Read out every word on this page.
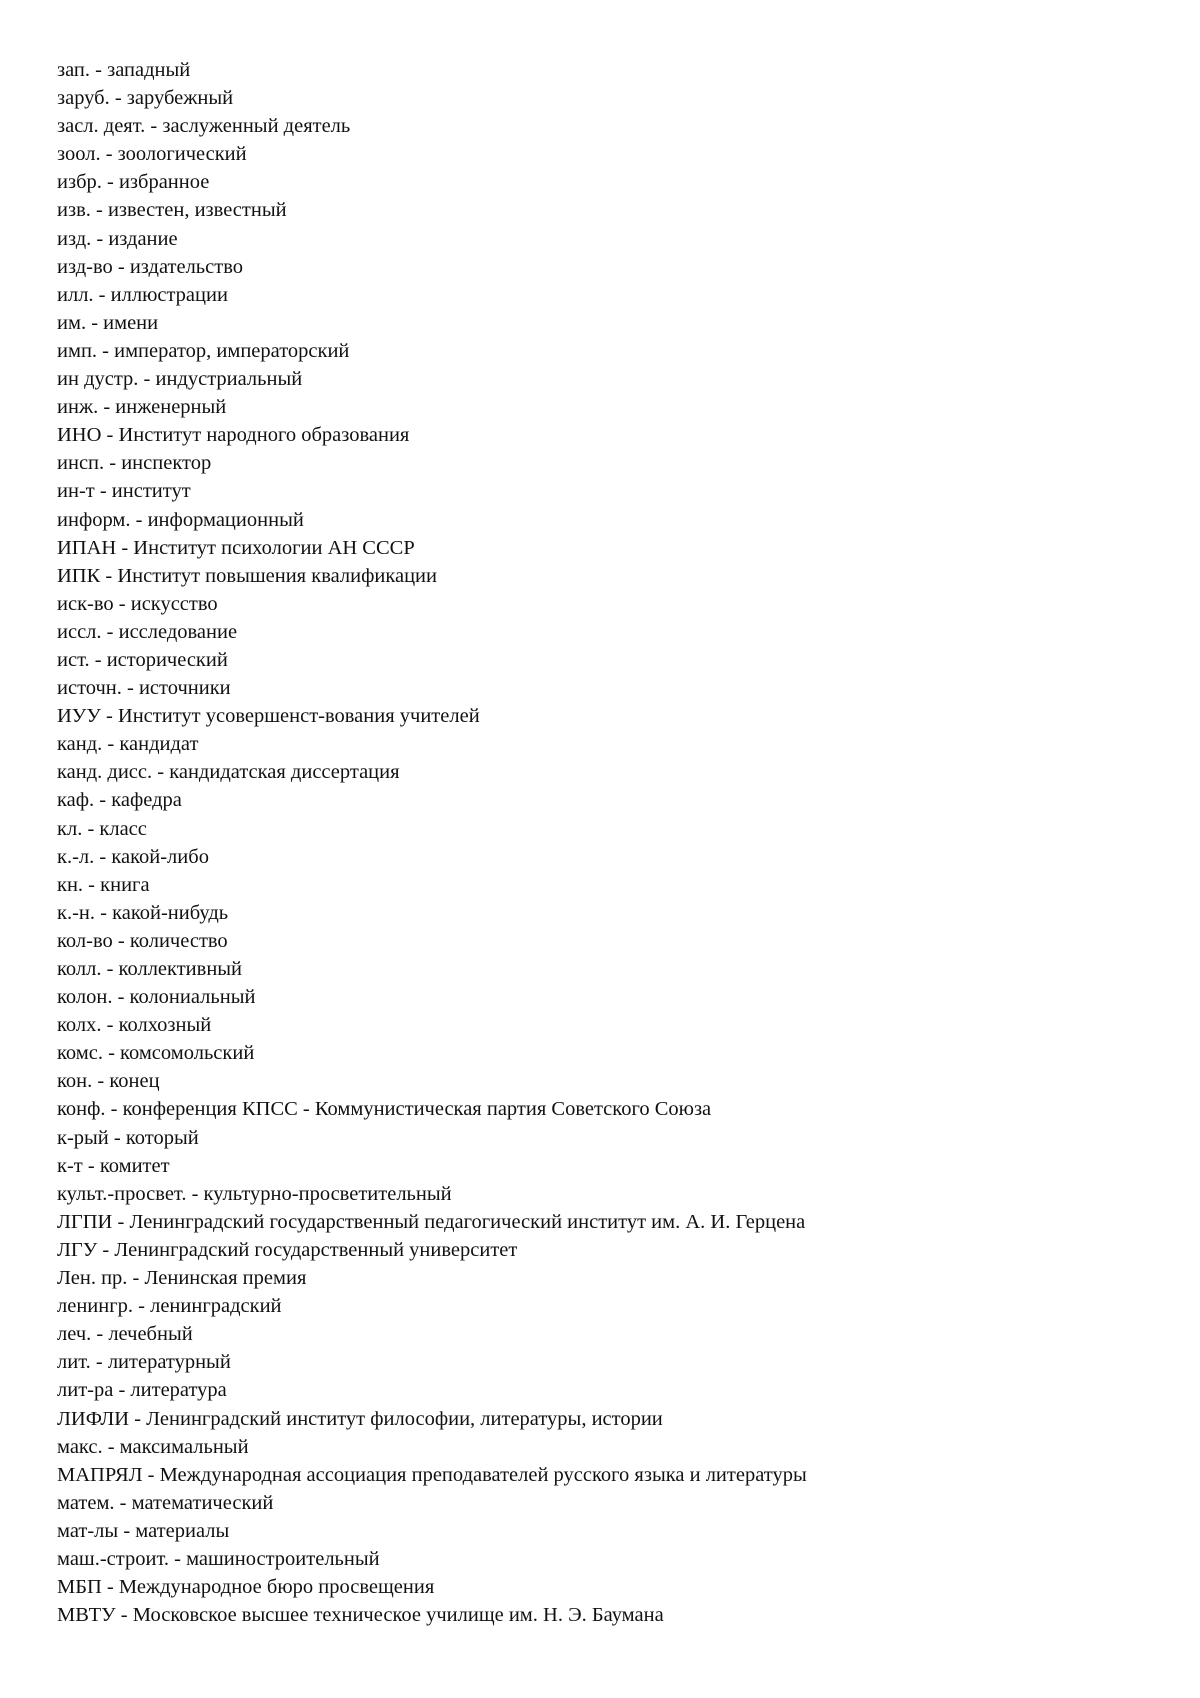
зап. - западный
заруб. - зарубежный
засл. деят. - заслуженный деятель
зоол. - зоологический
избр. - избранное
изв. - известен, известный
изд. - издание
изд-во - издательство
илл. - иллюстрации
им. - имени
имп. - император, императорский
ин дустр. - индустриальный
инж. - инженерный
ИНО - Институт народного образования
инсп. - инспектор
ин-т - институт
информ. - информационный
ИПАН - Институт психологии АН СССР
ИПК - Институт повышения квалификации
иск-во - искусство
иссл. - исследование
ист. - исторический
источн. - источники
ИУУ - Институт усовершенст-вования учителей
канд. - кандидат
канд. дисс. - кандидатская диссертация
каф. - кафедра
кл. - класс
к.-л. - какой-либо
кн. - книга
к.-н. - какой-нибудь
кол-во - количество
колл. - коллективный
колон. - колониальный
колх. - колхозный
комс. - комсомольский
кон. - конец
конф. - конференция КПСС - Коммунистическая партия Советского Союза
к-рый - который
к-т - комитет
культ.-просвет. - культурно-просветительный
ЛГПИ - Ленинградский государственный педагогический институт им. А. И. Герцена
ЛГУ - Ленинградский государственный университет
Лен. пр. - Ленинская премия
ленингр. - ленинградский
леч. - лечебный
лит. - литературный
лит-ра - литература
ЛИФЛИ - Ленинградский институт философии, литературы, истории
макс. - максимальный
МАПРЯЛ - Международная ассоциация преподавателей русского языка и литературы
матем. - математический
мат-лы - материалы
маш.-строит. - машиностроительный
МБП - Международное бюро просвещения
МВТУ - Московское высшее техническое училище им. Н. Э. Баумана
